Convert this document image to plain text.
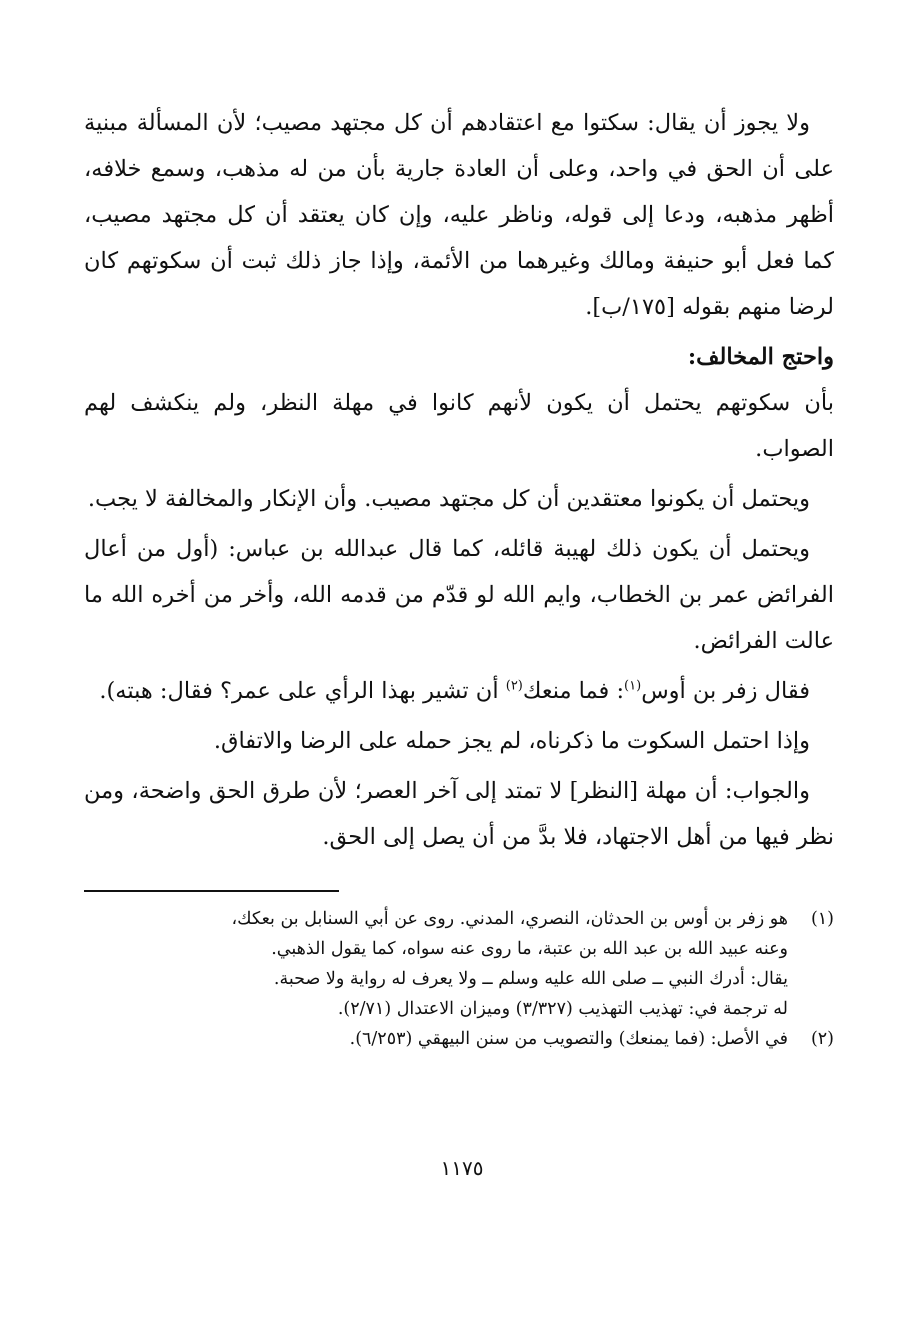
ولا يجوز أن يقال: سكتوا مع اعتقادهم أن كل مجتهد مصيب؛ لأن المسألة مبنية على أن الحق في واحد، وعلى أن العادة جارية بأن من له مذهب، وسمع خلافه، أظهر مذهبه، ودعا إلى قوله، وناظر عليه، وإن كان يعتقد أن كل مجتهد مصيب، كما فعل أبو حنيفة ومالك وغيرهما من الأئمة، وإذا جاز ذلك ثبت أن سكوتهم كان لرضا منهم بقوله [١٧٥/ب].

واحتج المخالف:

بأن سكوتهم يحتمل أن يكون لأنهم كانوا في مهلة النظر، ولم ينكشف لهم الصواب.

ويحتمل أن يكونوا معتقدين أن كل مجتهد مصيب. وأن الإنكار والمخالفة لا يجب.

ويحتمل أن يكون ذلك لهيبة قائله، كما قال عبدالله بن عباس: (أول من أعال الفرائض عمر بن الخطاب، وايم الله لو قدّم من قدمه الله، وأخر من أخره الله ما عالت الفرائض.

فقال زفر بن أوس$^{(١)}$: فما منعك$^{(٢)}$ أن تشير بهذا الرأي على عمر؟ فقال: هبته).

وإذا احتمل السكوت ما ذكرناه، لم يجز حمله على الرضا والاتفاق.

والجواب: أن مهلة [النظر] لا تمتد إلى آخر العصر؛ لأن طرق الحق واضحة، ومن نظر فيها من أهل الاجتهاد، فلا بدَّ من أن يصل إلى الحق.

(١)
هو زفر بن أوس بن الحدثان، النصري، المدني. روى عن أبي السنابل بن بعكك،
وعنه عبيد الله بن عبد الله بن عتبة، ما روى عنه سواه، كما يقول الذهبي.
يقال: أدرك النبي ــ صلى الله عليه وسلم ــ ولا يعرف له رواية ولا صحبة.
له ترجمة في: تهذيب التهذيب (٣/٣٢٧) وميزان الاعتدال (٢/٧١).
(٢)
في الأصل: (فما يمنعك) والتصويب من سنن البيهقي (٦/٢٥٣).
١١٧٥
